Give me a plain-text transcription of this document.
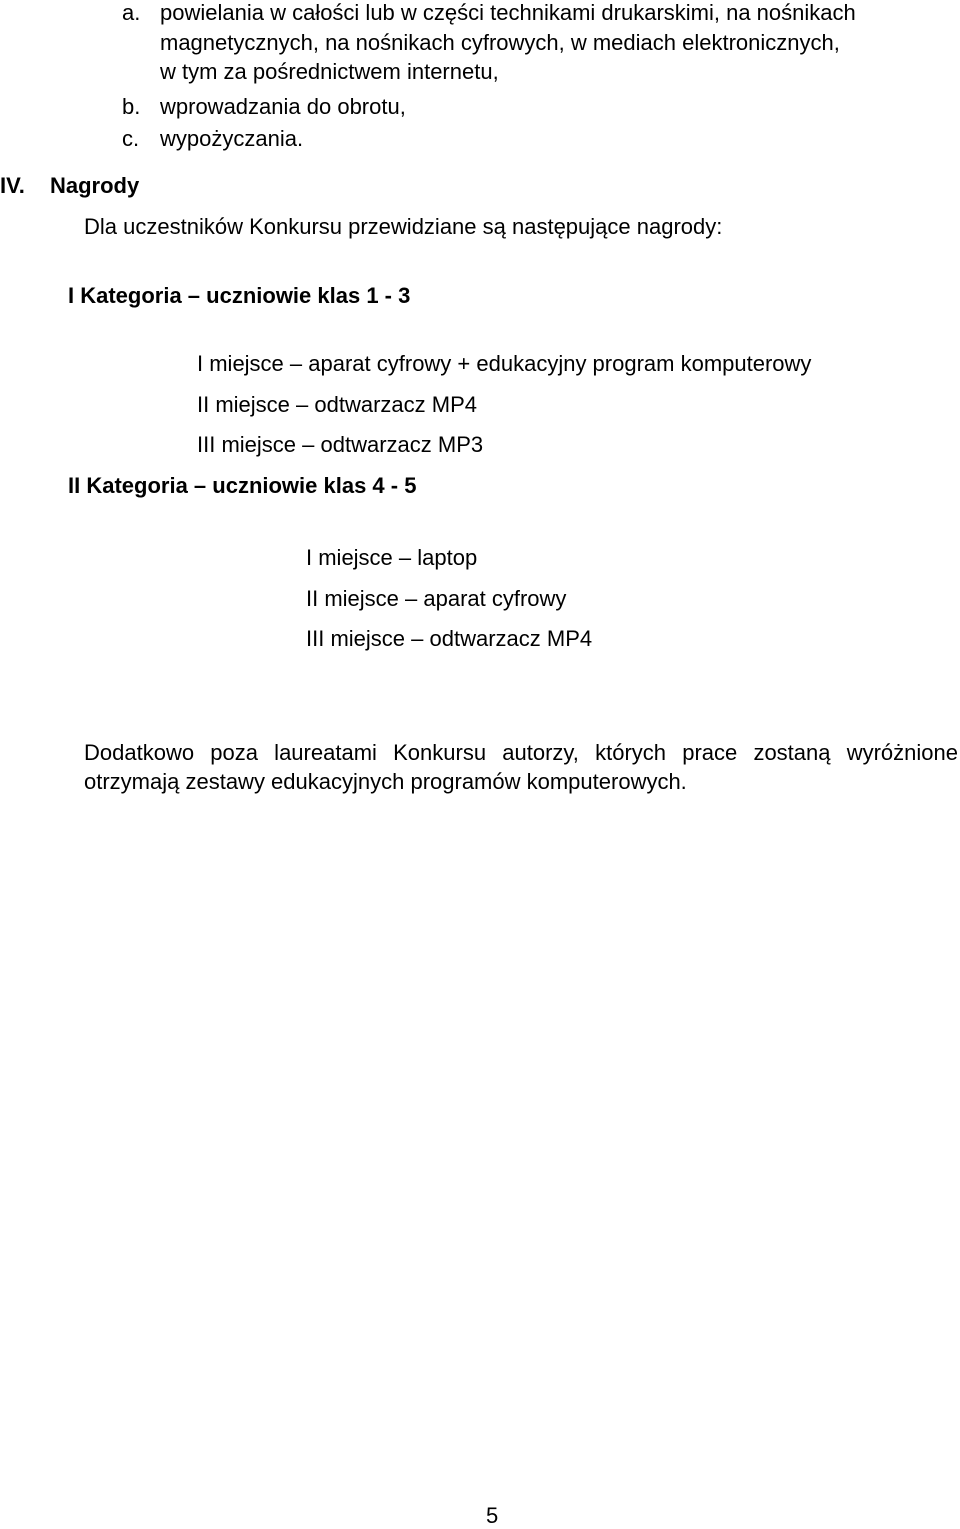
a. powielania w całości lub w części technikami drukarskimi, na nośnikach
magnetycznych, na nośnikach cyfrowych, w mediach elektronicznych,
w tym za pośrednictwem internetu,
b. wprowadzania do obrotu,
c. wypożyczania.
IV. Nagrody
Dla uczestników Konkursu przewidziane są następujące nagrody:
I Kategoria – uczniowie klas 1 - 3
I miejsce – aparat cyfrowy + edukacyjny program komputerowy
II miejsce – odtwarzacz MP4
III miejsce – odtwarzacz MP3
II Kategoria – uczniowie klas 4 - 5
I miejsce – laptop
II miejsce – aparat cyfrowy
III miejsce – odtwarzacz MP4
Dodatkowo poza laureatami Konkursu autorzy, których prace zostaną wyróżnione otrzymają zestawy edukacyjnych programów komputerowych.
5
